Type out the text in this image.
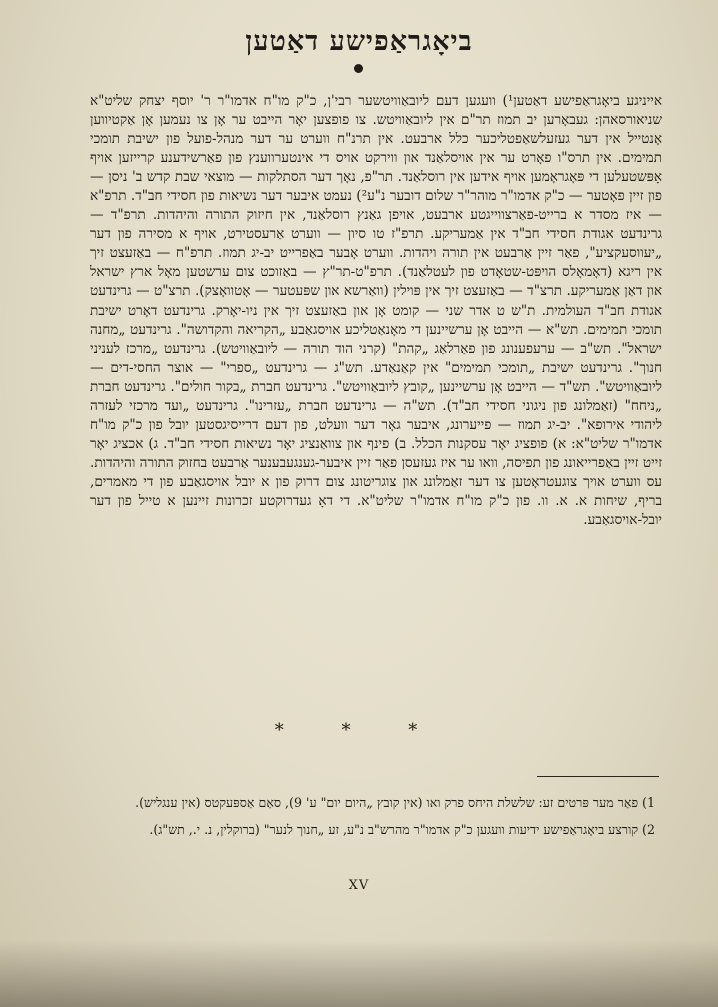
ביאָגראַפישע דאַטען

אייניגע ביאָגראַפישע דאַטען¹) וועגען דעם ליובאַוויטשער רבי'ן, כ"ק מו"ח אדמו"ר ר' יוסף יצחק שליט"א שניאורסאהן: געבאָרען יב תמוז תר"ם אין ליובאַוויטש. צו פופצען יאָר הייבט ער אָן צו נעמען אָן אַקטיווען אָנטייל אין דער געזעלשאַפטליכער כלל ארבעט. אין תרנ"ח ווערט ער דער מנהל-פועל פון ישיבת תומכי תמימים. אין תרס"ו פאָרט ער אין אויסלאַנד און ווירקט אויס די אינטערווענץ פון פאַרשידענע קרייזען אויף אָפּשטעלען די פּאָגראָמען אויף אידען אין רוסלאַנד. תר"פ, נאָך דער הסתלקות — מוצאי שבת קדש ב' ניסן — פון זיין פאָטער — כ"ק אדמו"ר מוהר"ר שלום דובער נ"ע²) נעמט איבער דער נשיאות פון חסידי חב"ד. תרפ"א — איז מסדר א ברייט-פאַרצווייגטע ארבעט, אויפן גאַנץ רוסלאַנד, אין חיזוק התורה והיהדות. תרפ"ד — גרינדעט אגודת חסידי חב"ד אין אַמעריקע. תרפ"ז טו סיון — ווערט אַרעסטירט, אויף א מסירה פון דער „יעווסעקציע", פאַר זיין אַרבעט אין תורה ויהדות. ווערט אָבער באַפרייט יב-יג תמוז. תרפ"ח — באַזעצט זיך אין ריגא (דאָמאָלס הויפּט-שטאָדט פון לעטלאַנד). תרפ"ט-תר"ץ — באַזוכט צום ערשטען מאָל ארץ ישראל און דאַן אַמעריקע. תרצ"ד — באַזעצט זיך אין פּוילין (וואַרשא און שפּעטער — אָטוואָצק). תרצ"ט — גרינדעט אגודת חב"ד העולמית. ת"ש ט אדר שני — קומט אָן און באַזעצט זיך אין ניו-יאָרק. גרינדעט דאָרט ישיבת תומכי תמימים. תש"א — הייבט אָן ערשיינען די מאָנאַטליכע אויסגאַבע „הקריאה והקדושה". גרינדעט „מחנה ישראל". תש"ב — ערעפענונג פון פאַרלאַג „קהת" (קרני הוד תורה — ליובאַוויטש). גרינדעט „מרכז לעניני חנוך". גרינדעט ישיבת „תומכי תמימים" אין קאַנאַדע. תש"ג — גרינדעט „ספרי" — אוצר החסי-דים — ליובאַוויטש". תש"ד — הייבט אָן ערשיינען „קובץ ליובאַוויטש". גרינדעט חברת „בקור חולים". גרינדעט חברת „ניחח" (זאַמלונג פון ניגוני חסידי חב"ד). תש"ה — גרינדעט חברת „עזרינו". גרינדעט „ועד מרכזי לעזרה ליהודי אירופא". יב-יג תמוז — פייערונג, איבער גאָר דער וועלט, פון דעם דרייסיגסטען יובל פון כ"ק מו"ח אדמו"ר שליט"א: א) פופציג יאָר עסקנות הכלל. ב) פינף און צוואַנציג יאָר נשיאות חסידי חב"ד. ג) אכציג יאָר זייט זיין באַפרייאונג פון תפיסה, וואו ער איז געזעסן פאַר זיין איבער-גענגעבענער אַרבעט בחזוק התורה והיהדות. עס ווערט אויך צוגעטראָטען צו דער זאַמלונג און צוגריטונג צום דרוק פון א יובל אויסגאַבע פון די מאמרים, בריף, שיחות א. א. וו. פון כ"ק מו"ח אדמו"ר שליט"א. די דאָ געדרוקטע זכרונות זיינען א טייל פון דער יובל-אויסגאַבע.

* * *
1) פאַר מער פּרטים זע: שלשלת היחס פרק ואו (אין קובץ „היום יום" ע' 9), סאַם אַספּעקטס (אין ענגליש).
2) קורצע ביאָגראַפישע ידיעות וועגען כ"ק אדמו"ר מהרש"ב נ"ע, זע „חנוך לנער" (ברוקלין, נ. י., תש"ג).
XV
